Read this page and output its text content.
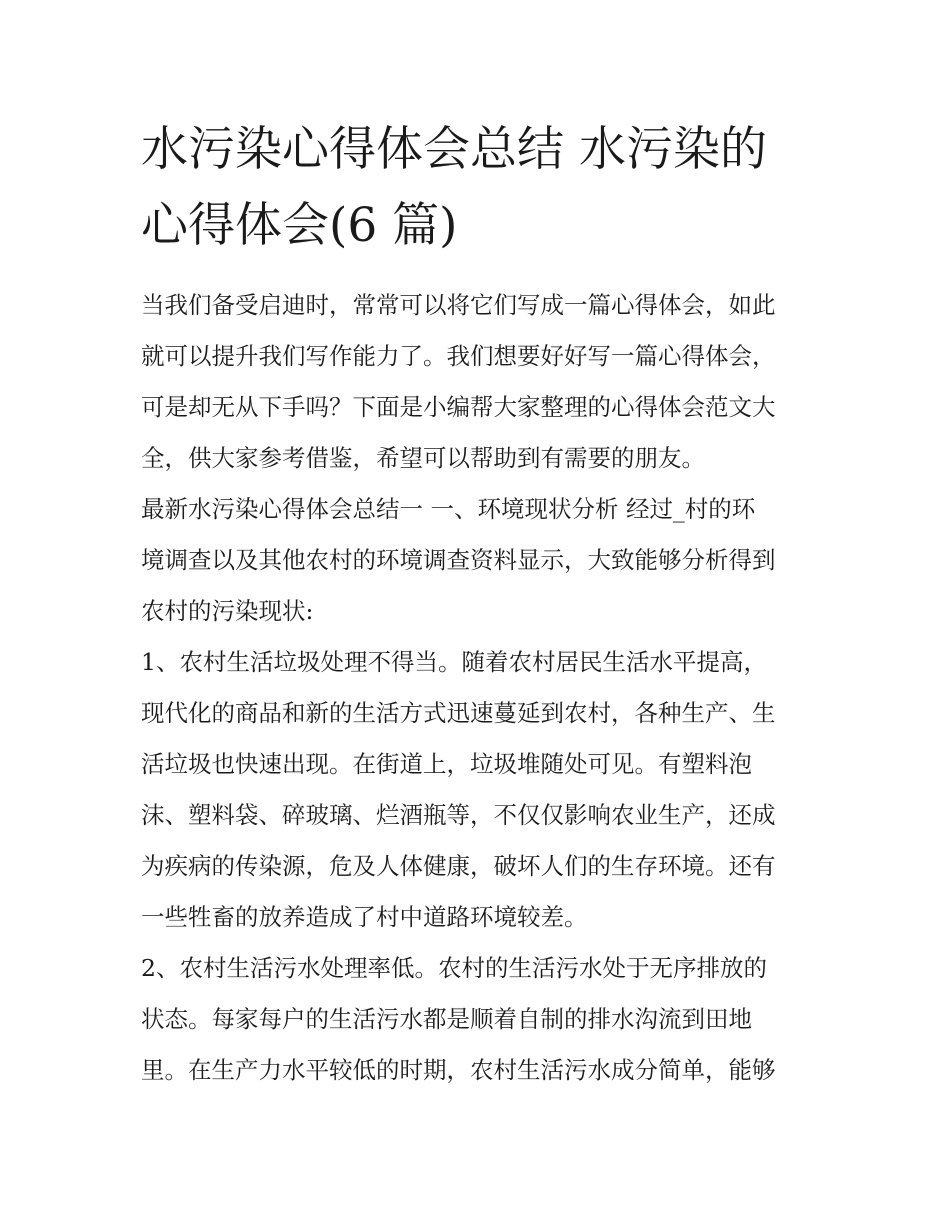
水污染心得体会总结 水污染的
心得体会(6 篇)
当我们备受启迪时，常常可以将它们写成一篇心得体会，如此
就可以提升我们写作能力了。我们想要好好写一篇心得体会，
可是却无从下手吗？下面是小编帮大家整理的心得体会范文大
全，供大家参考借鉴，希望可以帮助到有需要的朋友。
最新水污染心得体会总结一 一、环境现状分析 经过_村的环
境调查以及其他农村的环境调查资料显示，大致能够分析得到
农村的污染现状:
1、农村生活垃圾处理不得当。随着农村居民生活水平提高，
现代化的商品和新的生活方式迅速蔓延到农村，各种生产、生
活垃圾也快速出现。在街道上，垃圾堆随处可见。有塑料泡
沫、塑料袋、碎玻璃、烂酒瓶等，不仅仅影响农业生产，还成
为疾病的传染源，危及人体健康，破坏人们的生存环境。还有
一些牲畜的放养造成了村中道路环境较差。
2、农村生活污水处理率低。农村的生活污水处于无序排放的
状态。每家每户的生活污水都是顺着自制的排水沟流到田地
里。在生产力水平较低的时期，农村生活污水成分简单，能够
